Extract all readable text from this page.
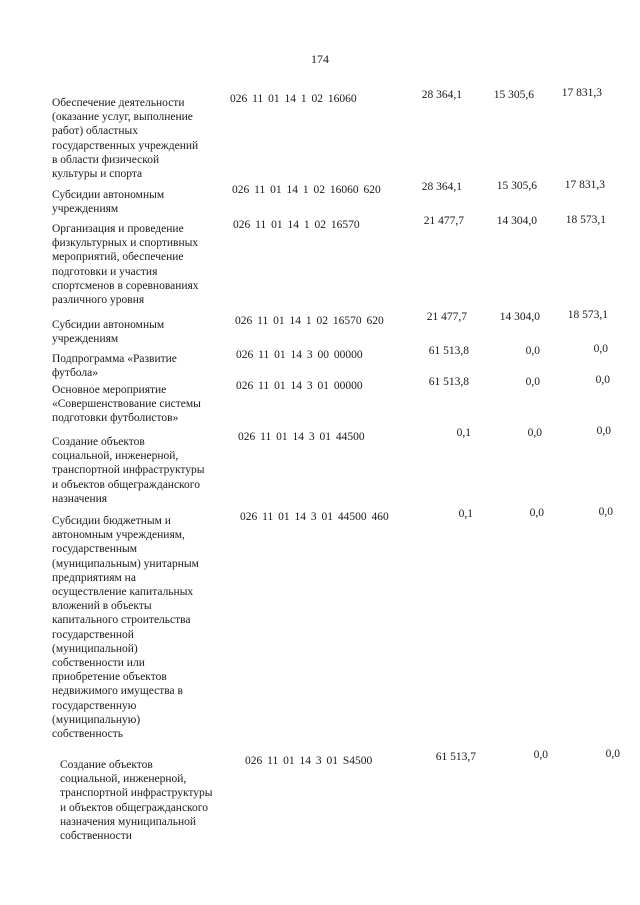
174
Обеспечение деятельности
(оказание услуг, выполнение
работ) областных
государственных учреждений
в области физической
культуры и спорта
026 11 01 14 1 02 16060	28 364,1	15 305,6	17 831,3
Субсидии автономным
учреждениям
026 11 01 14 1 02 16060 620	28 364,1	15 305,6	17 831,3
Организация и проведение
физкультурных и спортивных
мероприятий, обеспечение
подготовки и участия
спортсменов в соревнованиях
различного уровня
026 11 01 14 1 02 16570	21 477,7	14 304,0	18 573,1
Субсидии автономным
учреждениям
026 11 01 14 1 02 16570 620	21 477,7	14 304,0	18 573,1
Подпрограмма «Развитие
футбола»
026 11 01 14 3 00 00000	61 513,8	0,0	0,0
Основное мероприятие
«Совершенствование системы
подготовки футболистов»
026 11 01 14 3 01 00000	61 513,8	0,0	0,0
Создание объектов
социальной, инженерной,
транспортной инфраструктуры
и объектов общегражданского
назначения
026 11 01 14 3 01 44500	0,1	0,0	0,0
Субсидии бюджетным и
автономным учреждениям,
государственным
(муниципальным) унитарным
предприятиям на
осуществление капитальных
вложений в объекты
капитального строительства
государственной
(муниципальной)
собственности или
приобретение объектов
недвижимого имущества в
государственную
(муниципальную)
собственность
026 11 01 14 3 01 44500 460	0,1	0,0	0,0
Создание объектов
социальной, инженерной,
транспортной инфраструктуры
и объектов общегражданского
назначения муниципальной
собственности
026 11 01 14 3 01 S4500	61 513,7	0,0	0,0
